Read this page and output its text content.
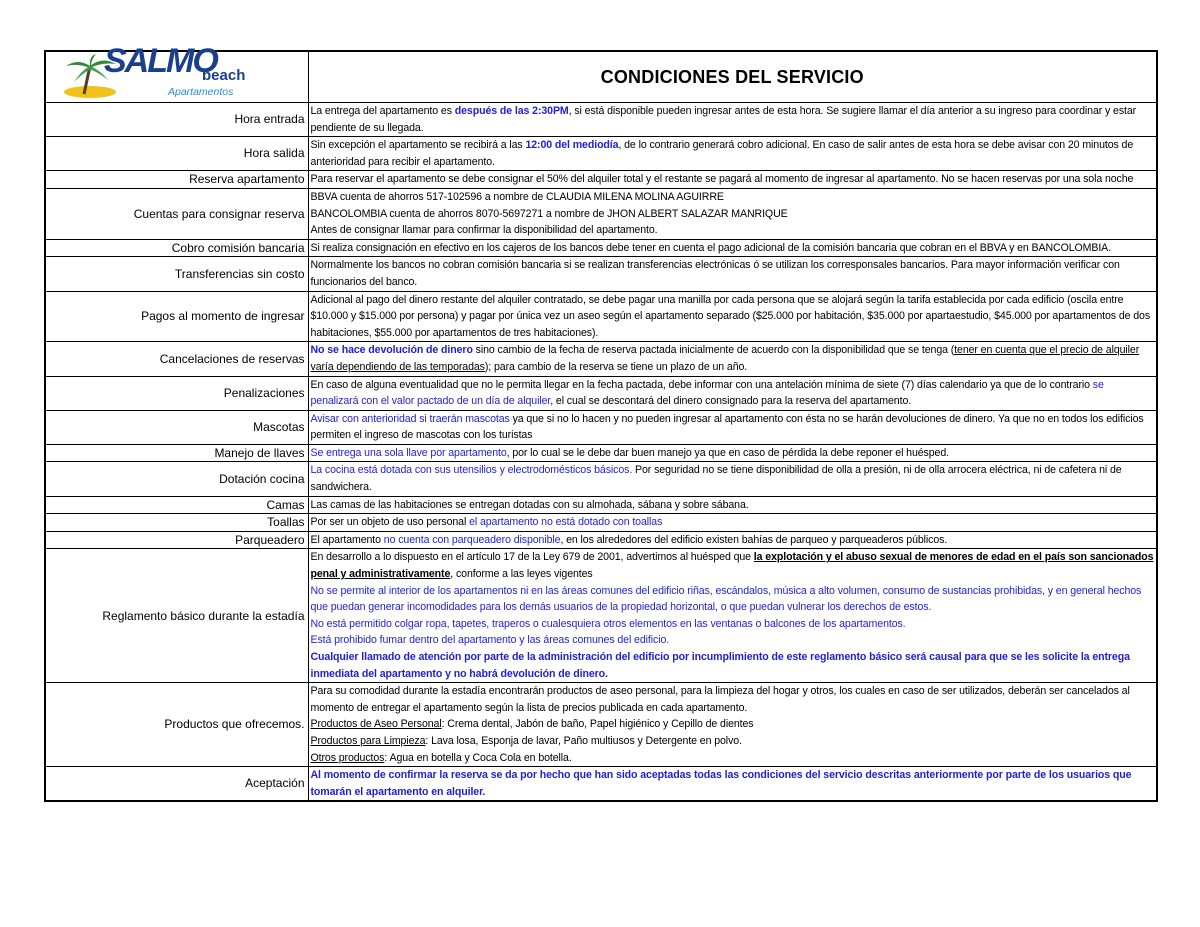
SALMO
beach
Apartamentos	CONDICIONES DEL SERVICIO
Hora entrada	La entrega del apartamento es después de las 2:30PM, si está disponible pueden ingresar antes de esta hora. Se sugiere llamar el día anterior a su ingreso para coordinar y estar pendiente de su llegada.
Hora salida	Sin excepción el apartamento se recibirá a las 12:00 del mediodía, de lo contrario generará cobro adicional. En caso de salir antes de esta hora se debe avisar con 20 minutos de anterioridad para recibir el apartamento.
Reserva apartamento	Para reservar el apartamento se debe consignar el 50% del alquiler total y el restante se pagará al momento de ingresar al apartamento. No se hacen reservas por una sola noche
Cuentas para consignar reserva	BBVA cuenta de ahorros 517-102596 a nombre de CLAUDIA MILENA MOLINA AGUIRRE
BANCOLOMBIA cuenta de ahorros 8070-5697271 a nombre de JHON ALBERT SALAZAR MANRIQUE
Antes de consignar llamar para confirmar la disponibilidad del apartamento.
Cobro comisión bancaria	Si realiza consignación en efectivo en los cajeros de los bancos debe tener en cuenta el pago adicional de la comisión bancaria que cobran en el BBVA y en BANCOLOMBIA.
Transferencias sin costo	Normalmente los bancos no cobran comisión bancaria si se realizan transferencias electrónicas ó se utilizan los corresponsales bancarios. Para mayor información verificar con funcionarios del banco.
Pagos al momento de ingresar	Adicional al pago del dinero restante del alquiler contratado, se debe pagar una manilla por cada persona que se alojará según la tarifa establecida por cada edificio (oscila entre $10.000 y $15.000 por persona) y pagar por única vez un aseo según el apartamento separado ($25.000 por habitación, $35.000 por apartaestudio, $45.000 por apartamentos de dos habitaciones, $55.000 por apartamentos de tres habitaciones).
Cancelaciones de reservas	No se hace devolución de dinero sino cambio de la fecha de reserva pactada inicialmente de acuerdo con la disponibilidad que se tenga (tener en cuenta que el precio de alquiler varía dependiendo de las temporadas); para cambio de la reserva se tiene un plazo de un año.
Penalizaciones	En caso de alguna eventualidad que no le permita llegar en la fecha pactada, debe informar con una antelación mínima de siete (7) días calendario ya que de lo contrario se penalizará con el valor pactado de un día de alquiler, el cual se descontará del dinero consignado para la reserva del apartamento.
Mascotas	Avisar con anterioridad si traerán mascotas ya que si no lo hacen y no pueden ingresar al apartamento con ésta no se harán devoluciones de dinero. Ya que no en todos los edificios permiten el ingreso de mascotas con los turistas
Manejo de llaves	Se entrega una sola llave por apartamento, por lo cual se le debe dar buen manejo ya que en caso de pérdida la debe reponer el huésped.
Dotación cocina	La cocina está dotada con sus utensilios y electrodomésticos básicos. Por seguridad no se tiene disponibilidad de olla a presión, ni de olla arrocera eléctrica, ni de cafetera ni de sandwichera.
Camas	Las camas de las habitaciones se entregan dotadas con su almohada, sábana y sobre sábana.
Toallas	Por ser un objeto de uso personal el apartamento no está dotado con toallas
Parqueadero	El apartamento no cuenta con parqueadero disponible, en los alrededores del edificio existen bahías de parqueo y parqueaderos públicos.
Reglamento básico durante la estadía	En desarrollo a lo dispuesto en el artículo 17 de la Ley 679 de 2001, advertimos al huésped que la explotación y el abuso sexual de menores de edad en el país son sancionados penal y administrativamente, conforme a las leyes vigentes
No se permite al interior de los apartamentos ni en las áreas comunes del edificio riñas, escándalos, música a alto volumen, consumo de sustancias prohibidas, y en general hechos que puedan generar incomodidades para los demás usuarios de la propiedad horizontal, o que puedan vulnerar los derechos de estos.
No está permitido colgar ropa, tapetes, traperos o cualesquiera otros elementos en las ventanas o balcones de los apartamentos.
Está prohibido fumar dentro del apartamento y las áreas comunes del edificio.
Cualquier llamado de atención por parte de la administración del edificio por incumplimiento de este reglamento básico será causal para que se les solicite la entrega inmediata del apartamento y no habrá devolución de dinero.
Productos que ofrecemos.	Para su comodidad durante la estadía encontrarán productos de aseo personal, para la limpieza del hogar y otros, los cuales en caso de ser utilizados, deberán ser cancelados al momento de entregar el apartamento según la lista de precios publicada en cada apartamento.
Productos de Aseo Personal: Crema dental, Jabón de baño, Papel higiénico y Cepillo de dientes
Productos para Limpieza: Lava losa, Esponja de lavar, Paño multiusos y Detergente en polvo.
Otros productos: Agua en botella y Coca Cola en botella.
Aceptación	Al momento de confirmar la reserva se da por hecho que han sido aceptadas todas las condiciones del servicio descritas anteriormente por parte de los usuarios que tomarán el apartamento en alquiler.
